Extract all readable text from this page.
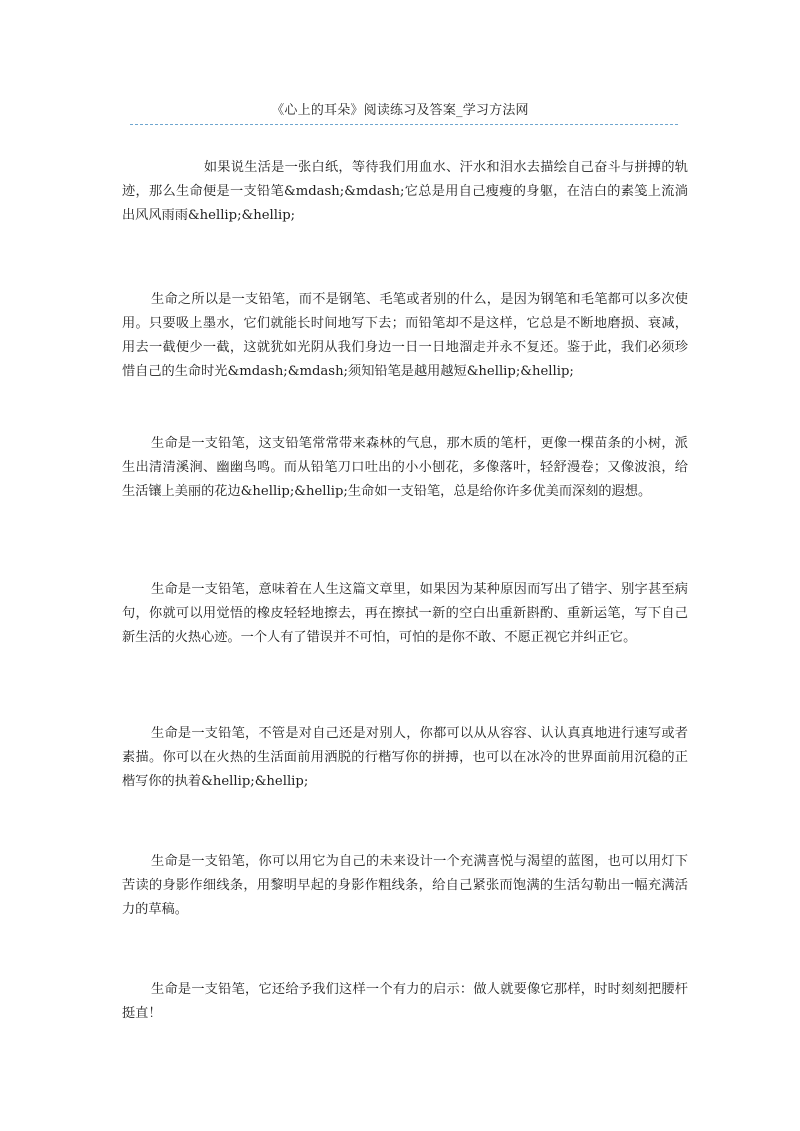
《心上的耳朵》阅读练习及答案_学习方法网

如果说生活是一张白纸，等待我们用血水、汗水和泪水去描绘自己奋斗与拼搏的轨迹，那么生命便是一支铅笔&mdash;&mdash;它总是用自己瘦瘦的身躯，在洁白的素笺上流淌出风风雨雨&hellip;&hellip;

生命之所以是一支铅笔，而不是钢笔、毛笔或者别的什么，是因为钢笔和毛笔都可以多次使用。只要吸上墨水，它们就能长时间地写下去；而铅笔却不是这样，它总是不断地磨损、衰减，用去一截便少一截，这就犹如光阴从我们身边一日一日地溜走并永不复还。鉴于此，我们必须珍惜自己的生命时光&mdash;&mdash;须知铅笔是越用越短&hellip;&hellip;

生命是一支铅笔，这支铅笔常常带来森林的气息，那木质的笔杆，更像一棵苗条的小树，派生出清清溪涧、幽幽鸟鸣。而从铅笔刀口吐出的小小刨花，多像落叶，轻舒漫卷；又像波浪，给生活镶上美丽的花边&hellip;&hellip;生命如一支铅笔，总是给你许多优美而深刻的遐想。

生命是一支铅笔，意味着在人生这篇文章里，如果因为某种原因而写出了错字、别字甚至病句，你就可以用觉悟的橡皮轻轻地擦去，再在擦拭一新的空白出重新斟酌、重新运笔，写下自己新生活的火热心迹。一个人有了错误并不可怕，可怕的是你不敢、不愿正视它并纠正它。

生命是一支铅笔，不管是对自己还是对别人，你都可以从从容容、认认真真地进行速写或者素描。你可以在火热的生活面前用洒脱的行楷写你的拼搏，也可以在冰冷的世界面前用沉稳的正楷写你的执着&hellip;&hellip;

生命是一支铅笔，你可以用它为自己的未来设计一个充满喜悦与渴望的蓝图，也可以用灯下苦读的身影作细线条，用黎明早起的身影作粗线条，给自己紧张而饱满的生活勾勒出一幅充满活力的草稿。

生命是一支铅笔，它还给予我们这样一个有力的启示：做人就要像它那样，时时刻刻把腰杆挺直！
